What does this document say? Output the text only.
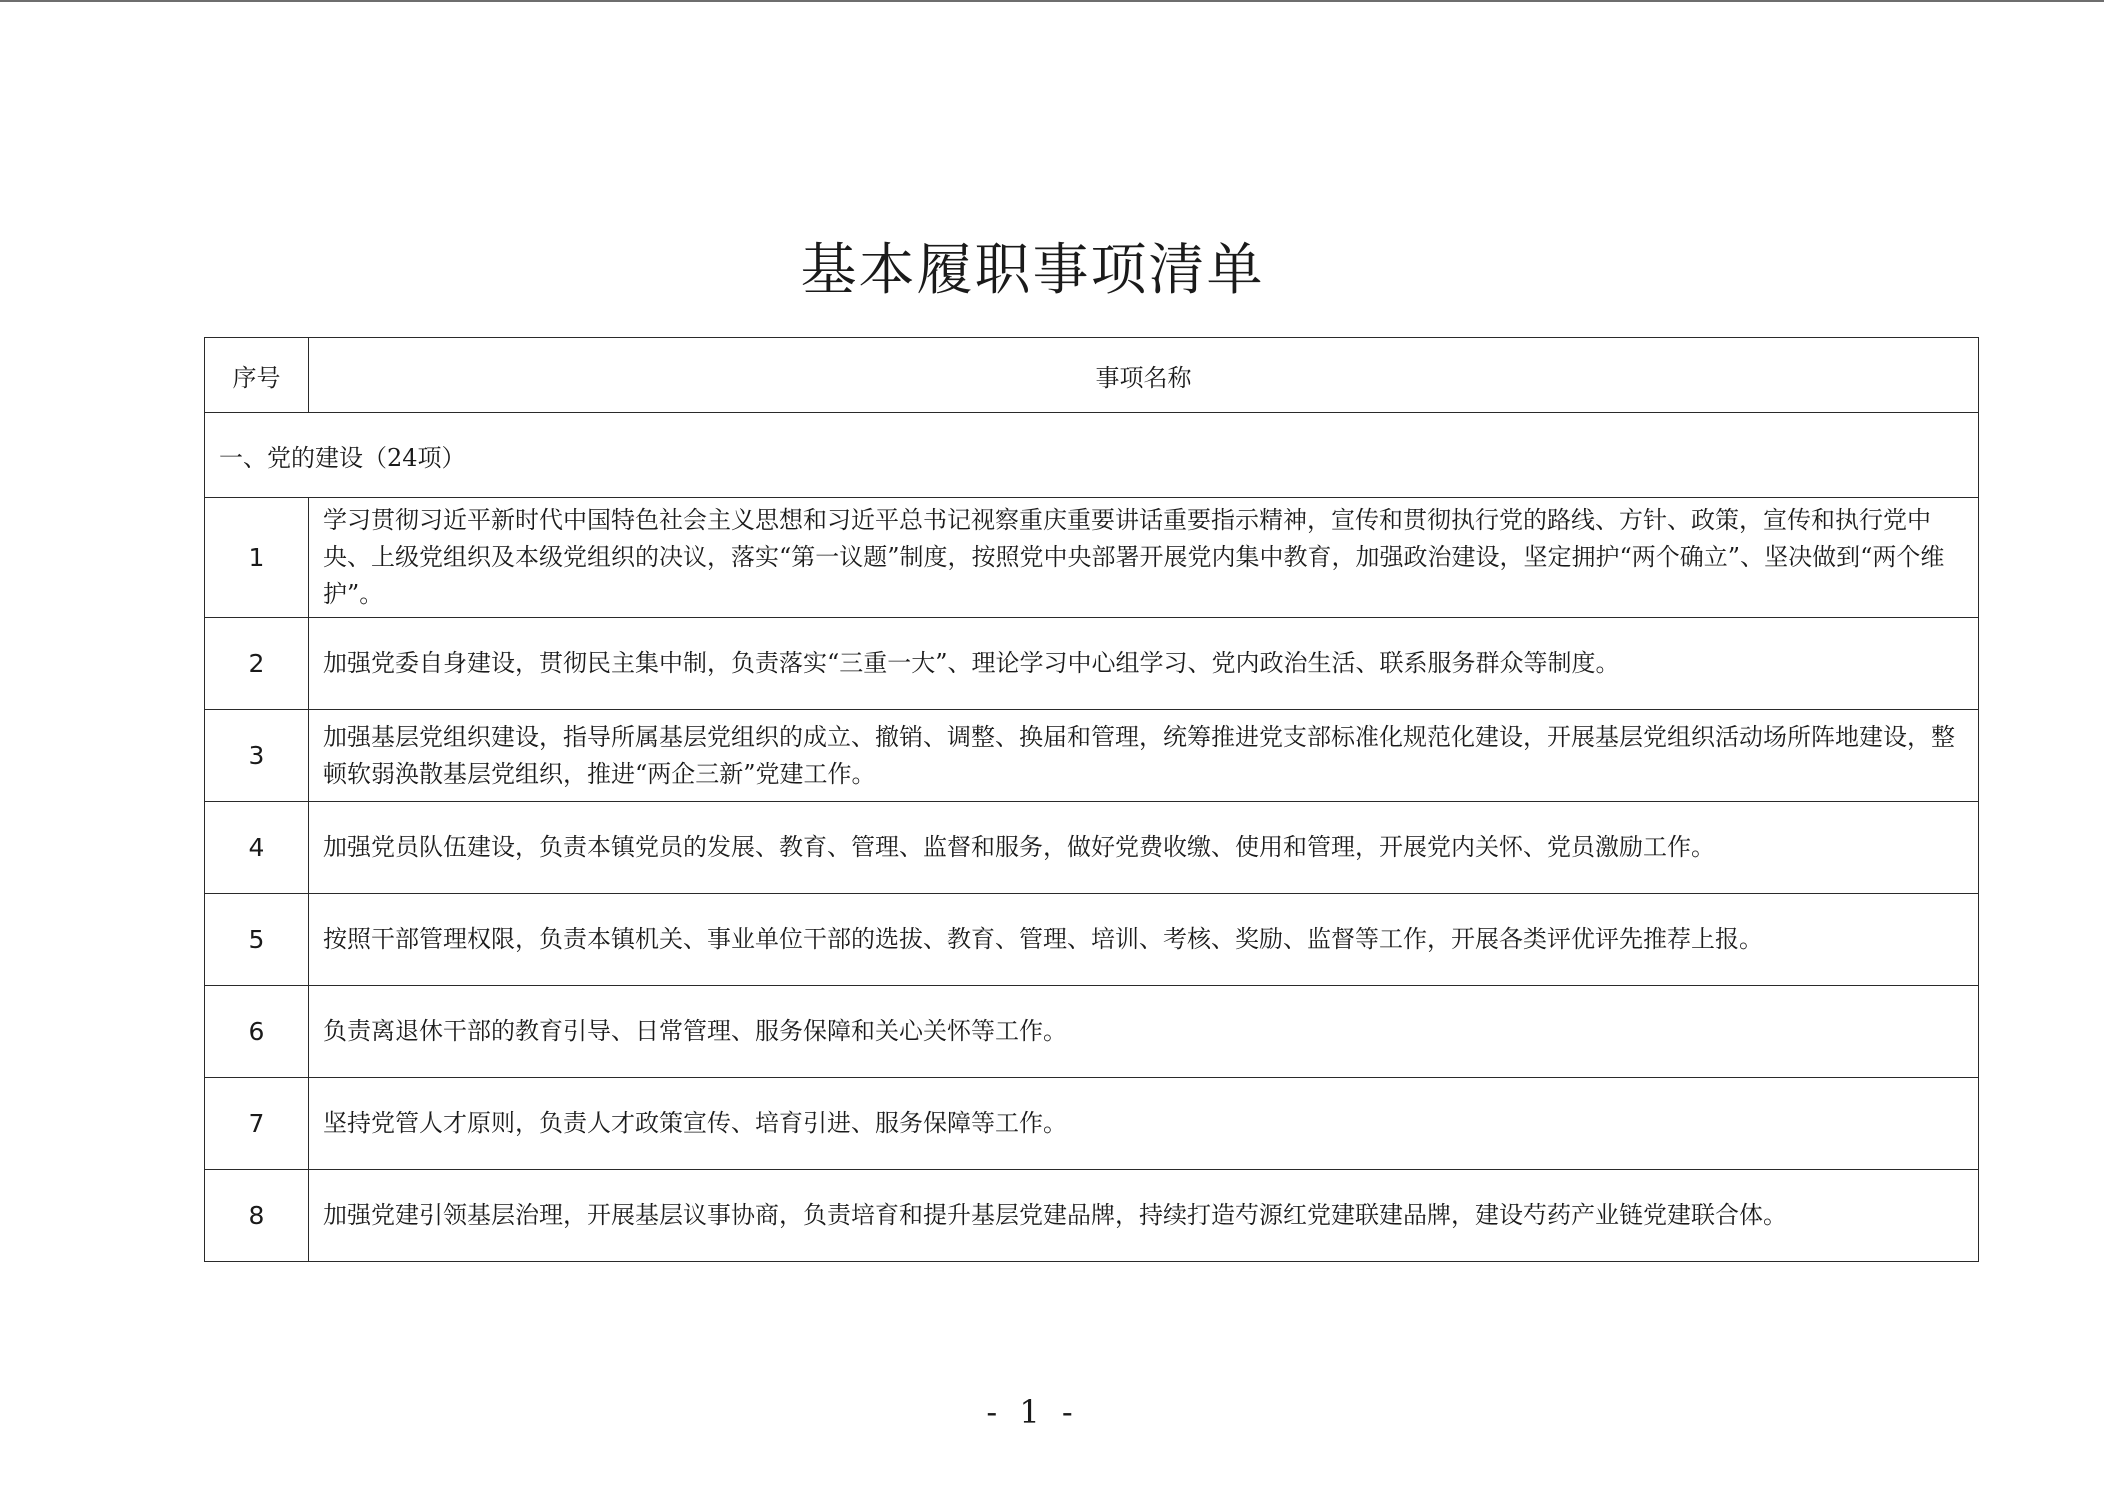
基本履职事项清单
序号	事项名称
一、党的建设（24项）	
1	学习贯彻习近平新时代中国特色社会主义思想和习近平总书记视察重庆重要讲话重要指示精神，宣传和贯彻执行党的路线、方针、政策，宣传和执行党中央、上级党组织及本级党组织的决议，落实“第一议题”制度，按照党中央部署开展党内集中教育，加强政治建设，坚定拥护“两个确立”、坚决做到“两个维护”。
2	加强党委自身建设，贯彻民主集中制，负责落实“三重一大”、理论学习中心组学习、党内政治生活、联系服务群众等制度。
3	加强基层党组织建设，指导所属基层党组织的成立、撤销、调整、换届和管理，统筹推进党支部标准化规范化建设，开展基层党组织活动场所阵地建设，整顿软弱涣散基层党组织，推进“两企三新”党建工作。
4	加强党员队伍建设，负责本镇党员的发展、教育、管理、监督和服务，做好党费收缴、使用和管理，开展党内关怀、党员激励工作。
5	按照干部管理权限，负责本镇机关、事业单位干部的选拔、教育、管理、培训、考核、奖励、监督等工作，开展各类评优评先推荐上报。
6	负责离退休干部的教育引导、日常管理、服务保障和关心关怀等工作。
7	坚持党管人才原则，负责人才政策宣传、培育引进、服务保障等工作。
8	加强党建引领基层治理，开展基层议事协商，负责培育和提升基层党建品牌，持续打造芍源红党建联建品牌，建设芍药产业链党建联合体。
- 1 -
